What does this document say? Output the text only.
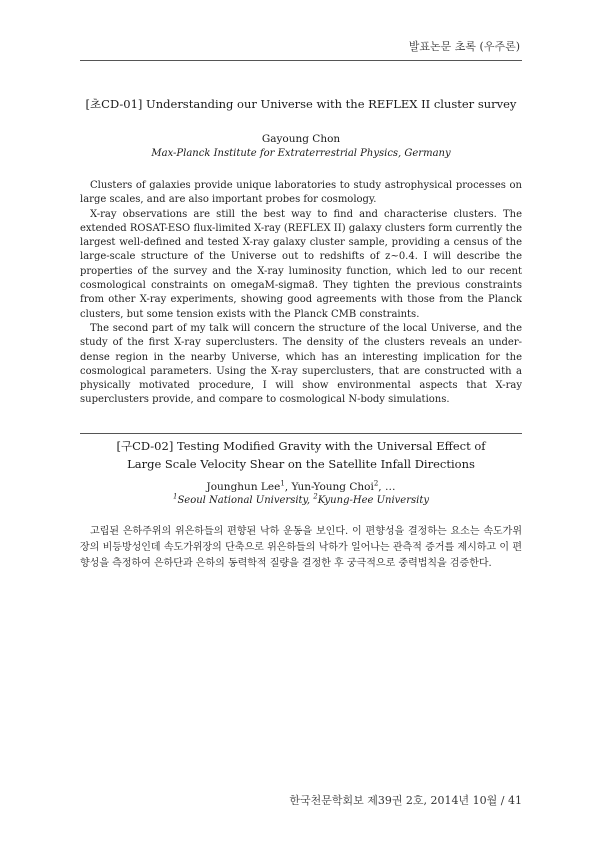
발표논문 초록 (우주론)
[초CD-01] Understanding our Universe with the REFLEX II cluster survey
Gayoung Chon
Max-Planck Institute for Extraterrestrial Physics, Germany

Clusters of galaxies provide unique laboratories to study astrophysical processes on large scales, and are also important probes for cosmology.

X-ray observations are still the best way to find and characterise clusters. The extended ROSAT-ESO flux-limited X-ray (REFLEX II) galaxy clusters form currently the largest well-defined and tested X-ray galaxy cluster sample, providing a census of the large-scale structure of the Universe out to redshifts of z~0.4. I will describe the properties of the survey and the X-ray luminosity function, which led to our recent cosmological constraints on omegaM-sigma8. They tighten the previous constraints from other X-ray experiments, showing good agreements with those from the Planck clusters, but some tension exists with the Planck CMB constraints.

The second part of my talk will concern the structure of the local Universe, and the study of the first X-ray superclusters. The density of the clusters reveals an under-dense region in the nearby Universe, which has an interesting implication for the cosmological parameters. Using the X-ray superclusters, that are constructed with a physically motivated procedure, I will show environmental aspects that X-ray superclusters provide, and compare to cosmological N-body simulations.

[구CD-02] Testing Modified Gravity with the Universal Effect of
Large Scale Velocity Shear on the Satellite Infall Directions
Jounghun Lee$^1$, Yun-Young Choi$^2$, …
$^1$Seoul National University, $^2$Kyung-Hee University

고립된 은하주위의 위은하들의 편향된 낙하 운동을 보인다. 이 편향성을 결정하는 요소는 속도가위장의 비등방성인데 속도가위장의 단축으로 위은하들의 낙하가 일어나는 관측적 증거를 제시하고 이 편향성을 측정하여 은하단과 은하의 동력학적 질량을 결정한 후 궁극적으로 중력법칙을 검증한다.

한국천문학회보 제39권 2호, 2014년 10월 / 41
